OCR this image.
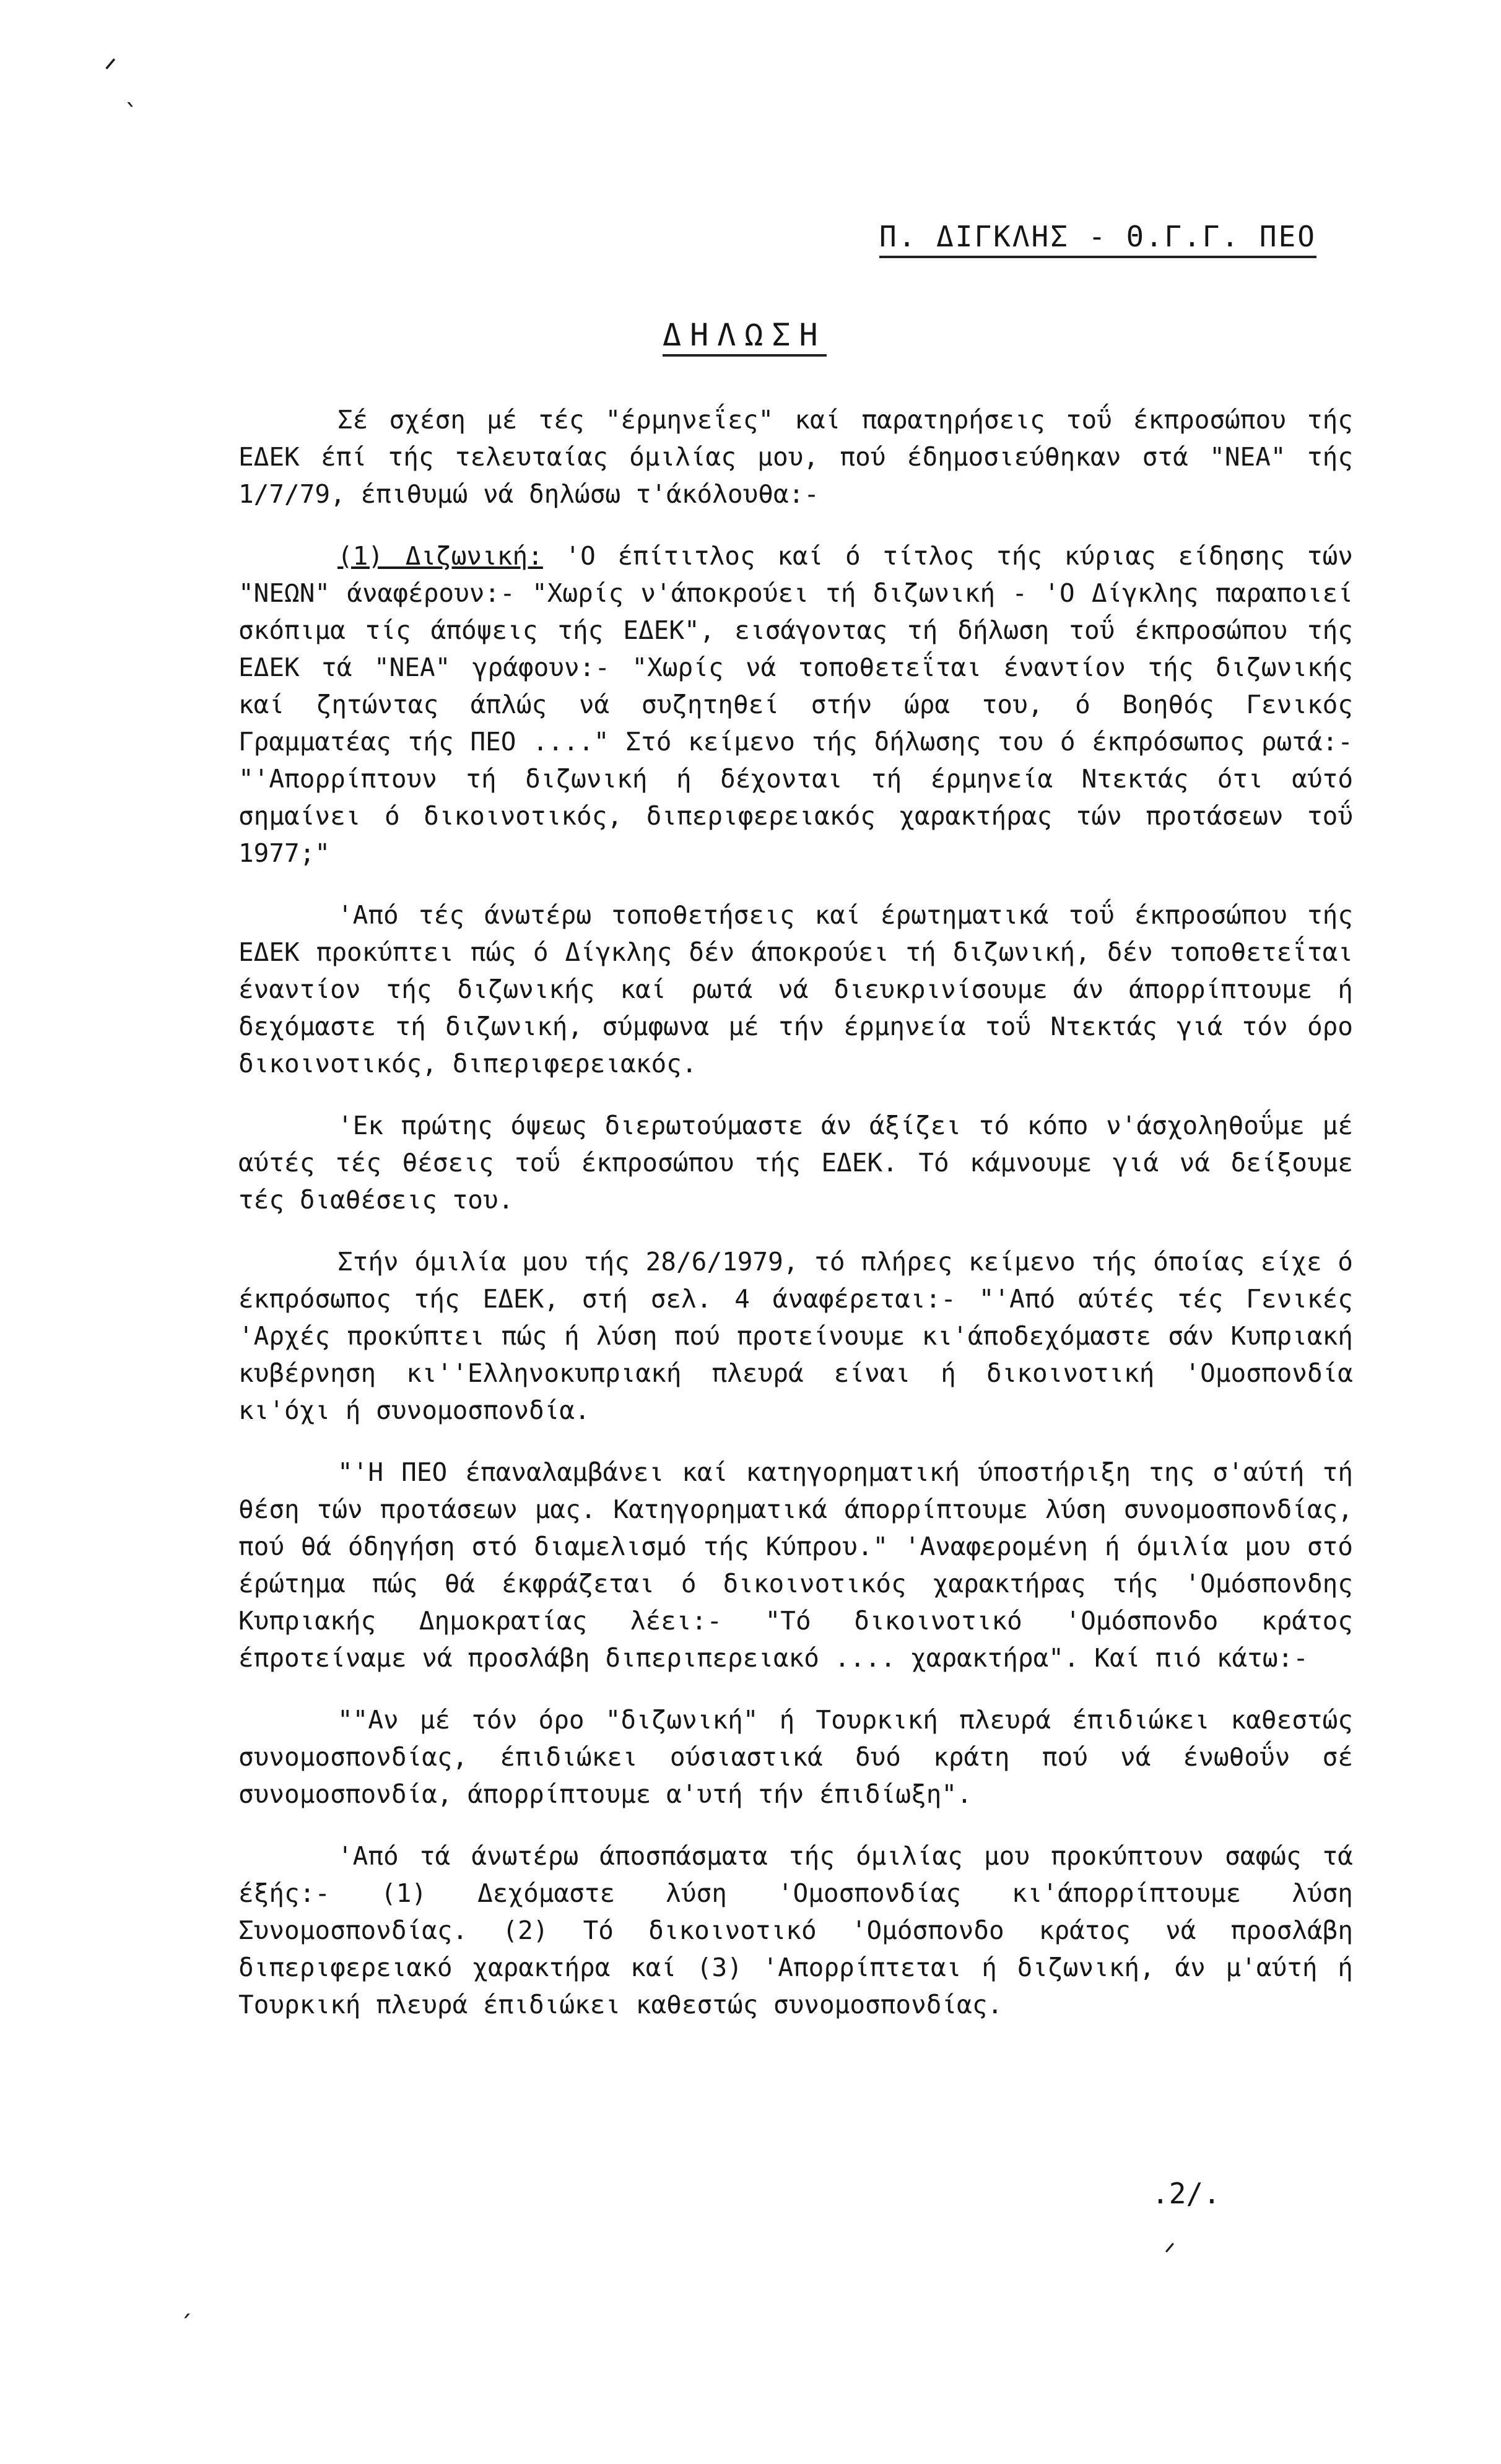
ᐟ
ˎ
ᐟ
ˏ
Π. ΔΙΓΚΛΗΣ - Θ.Γ.Γ. ΠΕΟ
ΔΗΛΩΣΗ

Σέ σχέση μέ τές "έρμηνεΐες" καί παρατηρήσεις τοΰ έκπροσώπου τής ΕΔΕΚ έπί τής τελευταίας όμιλίας μου, πού έδημοσιεύθηκαν στά "ΝΕΑ" τής 1/7/79, έπιθυμώ νά δηλώσω τ'άκόλουθα:-

(1) Διζωνική: 'Ο έπίτιτλος καί ό τίτλος τής κύριας είδησης τών "ΝΕΩΝ" άναφέρουν:- "Χωρίς ν'άποκρούει τή διζωνική - 'Ο Δίγκλης παραποιεί σκόπιμα τίς άπόψεις τής ΕΔΕΚ", εισάγοντας τή δήλωση τοΰ έκπροσώπου τής ΕΔΕΚ τά "ΝΕΑ" γράφουν:- "Χωρίς νά τοποθετεΐται έναντίον τής διζωνικής καί ζητώντας άπλώς νά συζητηθεί στήν ώρα του, ό Βοηθός Γενικός Γραμματέας τής ΠΕΟ ...." Στό κείμενο τής δήλωσης του ό έκπρόσωπος ρωτά:- "'Απορρίπτουν τή διζωνική ή δέχονται τή έρμηνεία Ντεκτάς ότι αύτό σημαίνει ό δικοινοτικός, διπεριφερειακός χαρακτήρας τών προτάσεων τοΰ 1977;"

'Από τές άνωτέρω τοποθετήσεις καί έρωτηματικά τοΰ έκπροσώπου τής ΕΔΕΚ προκύπτει πώς ό Δίγκλης δέν άποκρούει τή διζωνική, δέν τοποθετεΐται έναντίον τής διζωνικής καί ρωτά νά διευκρινίσουμε άν άπορρίπτουμε ή δεχόμαστε τή διζωνική, σύμφωνα μέ τήν έρμηνεία τοΰ Ντεκτάς γιά τόν όρο δικοινοτικός, διπεριφερειακός.

'Εκ πρώτης όψεως διερωτούμαστε άν άξίζει τό κόπο ν'άσχοληθοΰμε μέ αύτές τές θέσεις τοΰ έκπροσώπου τής ΕΔΕΚ. Τό κάμνουμε γιά νά δείξουμε τές διαθέσεις του.

Στήν όμιλία μου τής 28/6/1979, τό πλήρες κείμενο τής όποίας είχε ό έκπρόσωπος τής ΕΔΕΚ, στή σελ. 4 άναφέρεται:- "'Από αύτές τές Γενικές 'Αρχές προκύπτει πώς ή λύση πού προτείνουμε κι'άποδεχόμαστε σάν Κυπριακή κυβέρνηση κι''Ελληνοκυπριακή πλευρά είναι ή δικοινοτική 'Ομοσπονδία κι'όχι ή συνομοσπονδία.

"'Η ΠΕΟ έπαναλαμβάνει καί κατηγορηματική ύποστήριξη της σ'αύτή τή θέση τών προτάσεων μας. Κατηγορηματικά άπορρίπτουμε λύση συνομοσπονδίας, πού θά όδηγήση στό διαμελισμό τής Κύπρου." 'Αναφερομένη ή όμιλία μου στό έρώτημα πώς θά έκφράζεται ό δικοινοτικός χαρακτήρας τής 'Ομόσπονδης Κυπριακής Δημοκρατίας λέει:- "Τό δικοινοτικό 'Ομόσπονδο κράτος έπροτείναμε νά προσλάβη διπεριπερειακό .... χαρακτήρα". Καί πιό κάτω:-

""Αν μέ τόν όρο "διζωνική" ή Τουρκική πλευρά έπιδιώκει καθεστώς συνομοσπονδίας, έπιδιώκει ούσιαστικά δυό κράτη πού νά ένωθοΰν σέ συνομοσπονδία, άπορρίπτουμε α'υτή τήν έπιδίωξη".

'Από τά άνωτέρω άποσπάσματα τής όμιλίας μου προκύπτουν σαφώς τά έξής:- (1) Δεχόμαστε λύση 'Ομοσπονδίας κι'άπορρίπτουμε λύση Συνομοσπονδίας. (2) Τό δικοινοτικό 'Ομόσπονδο κράτος νά προσλάβη διπεριφερειακό χαρακτήρα καί (3) 'Απορρίπτεται ή διζωνική, άν μ'αύτή ή Τουρκική πλευρά έπιδιώκει καθεστώς συνομοσπονδίας.

.2/.
